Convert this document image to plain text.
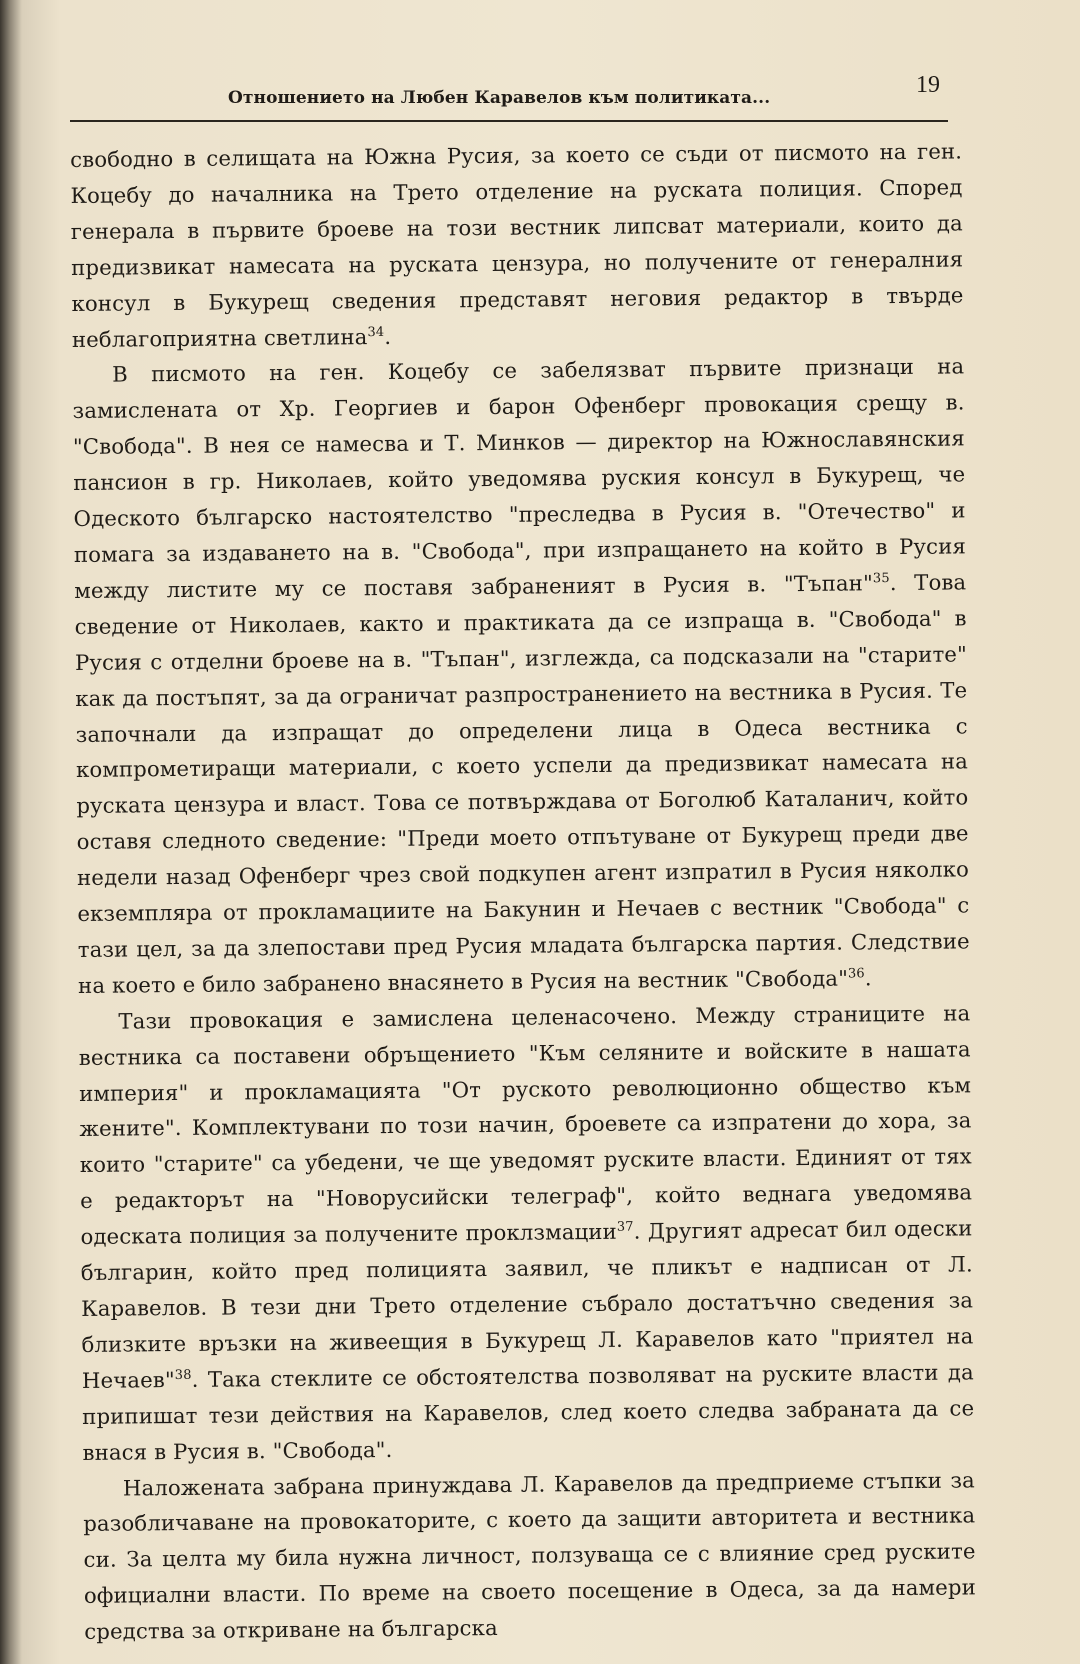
Отношението на Любен Каравелов към политиката...	19

свободно в селищата на Южна Русия, за което се съди от писмото на ген. Коцебу до началника на Трето отделение на руската полиция. Според генерала в първите броеве на този вестник липсват материали, които да предизвикат намесата на руската цензура, но получените от генералния консул в Букурещ сведения представят неговия редактор в твърде неблагоприятна светлина$^{34}$.

В писмото на ген. Коцебу се забелязват първите признаци на замислената от Хр. Георгиев и барон Офенберг провокация срещу в. "Свобода". В нея се намесва и Т. Минков — директор на Южнославянския пансион в гр. Николаев, който уведомява руския консул в Букурещ, че Одеското българско настоятелство "преследва в Русия в. "Отечество" и помага за издаването на в. "Свобода", при изпращането на който в Русия между листите му се поставя забраненият в Русия в. "Тъпан"$^{35}$. Това сведение от Николаев, както и практиката да се изпраща в. "Свобода" в Русия с отделни броеве на в. "Тъпан", изглежда, са подсказали на "старите" как да постъпят, за да ограничат разпространението на вестника в Русия. Те започнали да изпращат до определени лица в Одеса вестника с компрометиращи материали, с което успели да предизвикат намесата на руската цензура и власт. Това се потвърждава от Боголюб Каталанич, който оставя следното сведение: "Преди моето отпътуване от Букурещ преди две недели назад Офенберг чрез свой подкупен агент изпратил в Русия няколко екземпляра от прокламациите на Бакунин и Нечаев с вестник "Свобода" с тази цел, за да злепостави пред Русия младата българска партия. Следствие на което е било забранено внасянето в Русия на вестник "Свобода"$^{36}$.

Тази провокация е замислена целенасочено. Между страниците на вестника са поставени обръщението "Към селяните и войските в нашата империя" и прокламацията "От руското революционно общество към жените". Комплектувани по този начин, броевете са изпратени до хора, за които "старите" са убедени, че ще уведомят руските власти. Единият от тях е редакторът на "Новорусийски телеграф", който веднага уведомява одеската полиция за получените проклзмации$^{37}$. Другият адресат бил одески българин, който пред полицията заявил, че пликът е надписан от Л. Каравелов. В тези дни Трето отделение събрало достатъчно сведения за близките връзки на живеещия в Букурещ Л. Каравелов като "приятел на Нечаев"$^{38}$. Така стеклите се обстоятелства позволяват на руските власти да припишат тези действия на Каравелов, след което следва забраната да се внася в Русия в. "Свобода".

Наложената забрана принуждава Л. Каравелов да предприеме стъпки за разобличаване на провокаторите, с което да защити авторитета и вестника си. За целта му била нужна личност, ползуваща се с влияние сред руските официални власти. По време на своето посещение в Одеса, за да намери средства за откриване на българска
